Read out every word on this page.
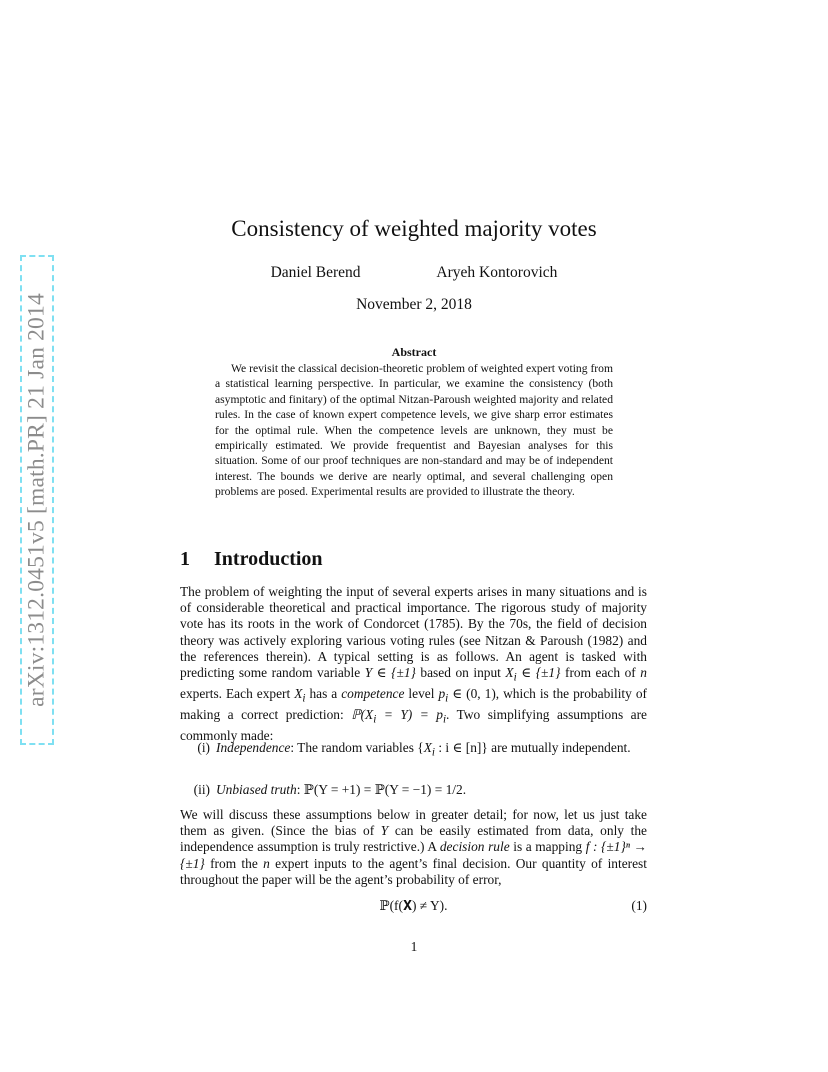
arXiv:1312.0451v5 [math.PR] 21 Jan 2014
Consistency of weighted majority votes
Daniel Berend	Aryeh Kontorovich
November 2, 2018
Abstract

We revisit the classical decision-theoretic problem of weighted expert voting from a statistical learning perspective. In particular, we examine the consistency (both asymptotic and finitary) of the optimal Nitzan-Paroush weighted majority and related rules. In the case of known expert competence levels, we give sharp error estimates for the optimal rule. When the competence levels are unknown, they must be empirically estimated. We provide frequentist and Bayesian analyses for this situation. Some of our proof techniques are non-standard and may be of independent interest. The bounds we derive are nearly optimal, and several challenging open problems are posed. Experimental results are provided to illustrate the theory.

1 Introduction

The problem of weighting the input of several experts arises in many situations and is of considerable theoretical and practical importance. The rigorous study of majority vote has its roots in the work of Condorcet (1785). By the 70s, the field of decision theory was actively exploring various voting rules (see Nitzan & Paroush (1982) and the references therein). A typical setting is as follows. An agent is tasked with predicting some random variable Y ∈ {±1} based on input $X_i$ ∈ {±1} from each of n experts. Each expert $X_i$ has a competence level $p_i$ ∈ (0, 1), which is the probability of making a correct prediction: $ℙ(X_i = Y) = p_i$. Two simplifying assumptions are commonly made:

(i) Independence: The random variables {$X_i$ : i ∈ [n]} are mutually independent.
(ii) Unbiased truth: ℙ(Y = +1) = ℙ(Y = −1) = 1/2.

We will discuss these assumptions below in greater detail; for now, let us just take them as given. (Since the bias of Y can be easily estimated from data, only the independence assumption is truly restrictive.) A decision rule is a mapping f : {±1}ⁿ → {±1} from the n expert inputs to the agent’s final decision. Our quantity of interest throughout the paper will be the agent’s probability of error,

ℙ(f(𝐗) ≠ Y).	(1)
1
